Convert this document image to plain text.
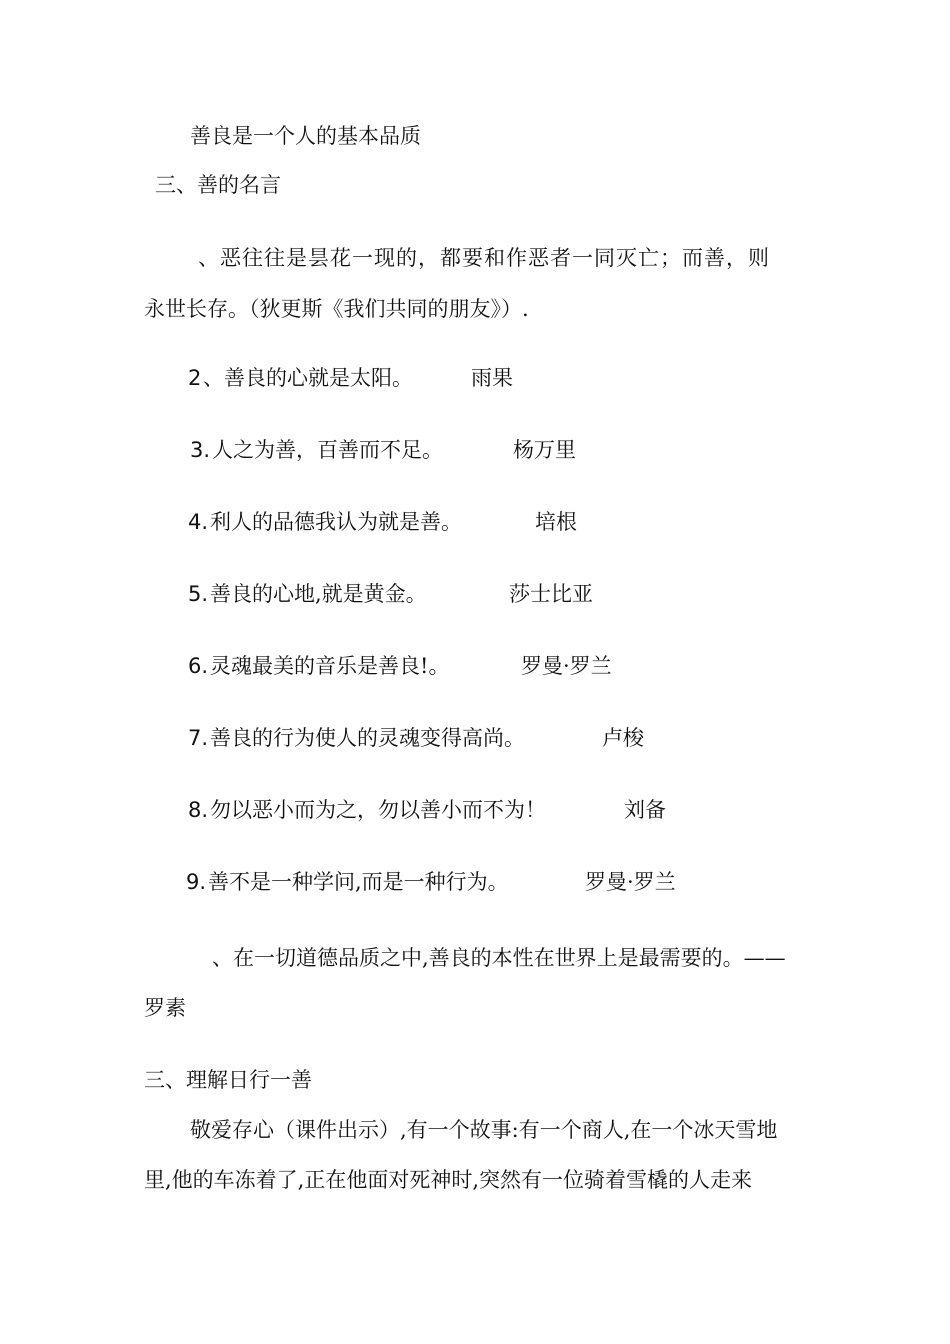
善良是一个人的基本品质

三、善的名言

、恶往往是昙花一现的，都要和作恶者一同灭亡；而善，则

永世长存。（狄更斯《我们共同的朋友》）.

2 、善良的心就是太阳。	雨果
3. 人之为善，百善而不足。	杨万里
4. 利人的品德我认为就是善。	培根
5. 善良的心地,就是黄金。	莎士比亚
6. 灵魂最美的音乐是善良!。	罗曼·罗兰
7. 善良的行为使人的灵魂变得高尚。	卢梭
8. 勿以恶小而为之，勿以善小而不为！	刘备
9. 善不是一种学问,而是一种行为。	罗曼·罗兰

、在一切道德品质之中,善良的本性在世界上是最需要的。——

罗素

三、理解日行一善

敬爱存心（课件出示）,有一个故事:有一个商人,在一个冰天雪地

里,他的车冻着了,正在他面对死神时,突然有一位骑着雪橇的人走来
